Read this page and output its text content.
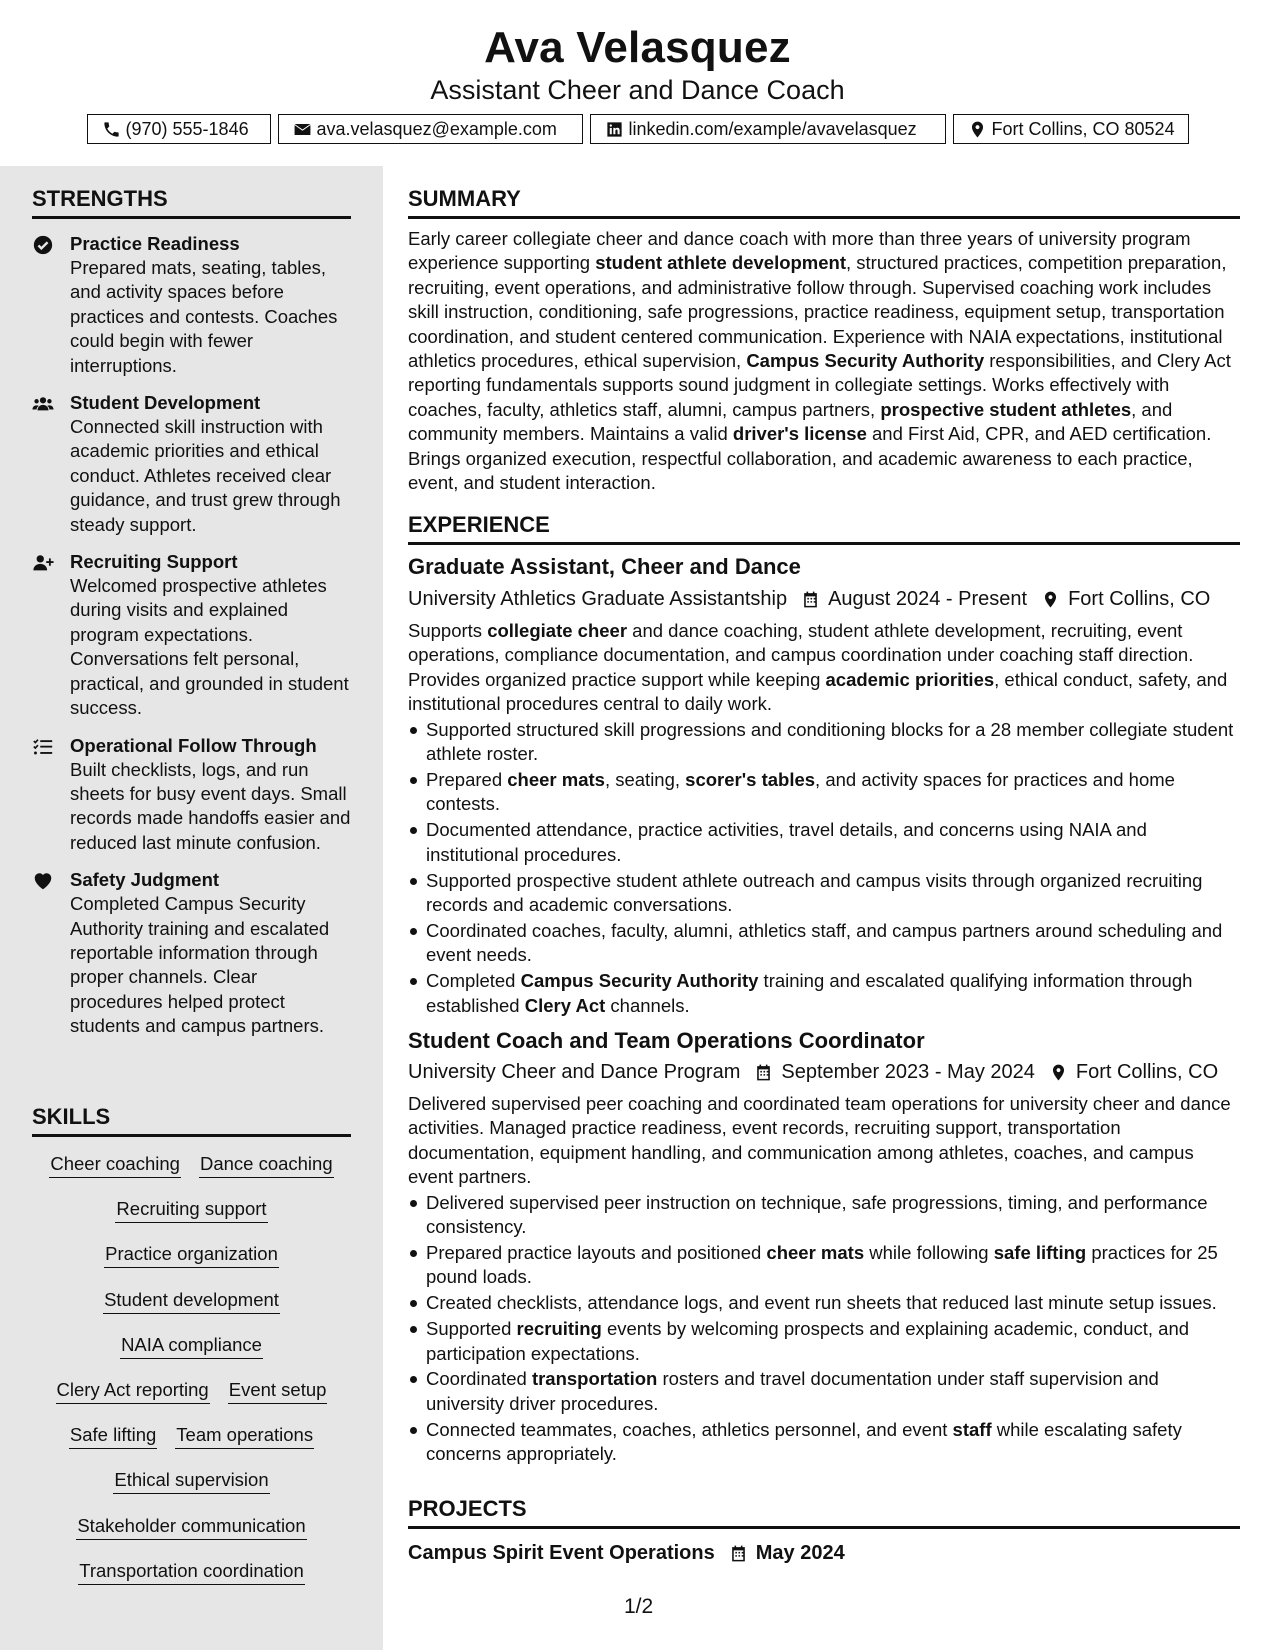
Ava Velasquez
Assistant Cheer and Dance Coach
(970) 555-1846	ava.velasquez@example.com	linkedin.com/example/avavelasquez	Fort Collins, CO 80524
STRENGTHS
Practice Readiness
Prepared mats, seating, tables, and activity spaces before practices and contests. Coaches could begin with fewer interruptions.
Student Development
Connected skill instruction with academic priorities and ethical conduct. Athletes received clear guidance, and trust grew through steady support.
Recruiting Support
Welcomed prospective athletes during visits and explained program expectations. Conversations felt personal, practical, and grounded in student success.
Operational Follow Through
Built checklists, logs, and run sheets for busy event days. Small records made handoffs easier and reduced last minute confusion.
Safety Judgment
Completed Campus Security Authority training and escalated reportable information through proper channels. Clear procedures helped protect students and campus partners.
SKILLS
Cheer coaching Dance coaching
Recruiting support
Practice organization
Student development
NAIA compliance
Clery Act reporting Event setup
Safe lifting Team operations
Ethical supervision
Stakeholder communication
Transportation coordination
SUMMARY
Early career collegiate cheer and dance coach with more than three years of university program experience supporting student athlete development, structured practices, competition preparation, recruiting, event operations, and administrative follow through. Supervised coaching work includes skill instruction, conditioning, safe progressions, practice readiness, equipment setup, transportation coordination, and student centered communication. Experience with NAIA expectations, institutional athletics procedures, ethical supervision, Campus Security Authority responsibilities, and Clery Act reporting fundamentals supports sound judgment in collegiate settings. Works effectively with coaches, faculty, athletics staff, alumni, campus partners, prospective student athletes, and community members. Maintains a valid driver's license and First Aid, CPR, and AED certification. Brings organized execution, respectful collaboration, and academic awareness to each practice, event, and student interaction.
EXPERIENCE
Graduate Assistant, Cheer and Dance
University Athletics Graduate Assistantship August 2024 - Present Fort Collins, CO
Supports collegiate cheer and dance coaching, student athlete development, recruiting, event operations, compliance documentation, and campus coordination under coaching staff direction. Provides organized practice support while keeping academic priorities, ethical conduct, safety, and institutional procedures central to daily work.
Supported structured skill progressions and conditioning blocks for a 28 member collegiate student athlete roster.
Prepared cheer mats, seating, scorer's tables, and activity spaces for practices and home contests.
Documented attendance, practice activities, travel details, and concerns using NAIA and institutional procedures.
Supported prospective student athlete outreach and campus visits through organized recruiting records and academic conversations.
Coordinated coaches, faculty, alumni, athletics staff, and campus partners around scheduling and event needs.
Completed Campus Security Authority training and escalated qualifying information through established Clery Act channels.
Student Coach and Team Operations Coordinator
University Cheer and Dance Program September 2023 - May 2024 Fort Collins, CO
Delivered supervised peer coaching and coordinated team operations for university cheer and dance activities. Managed practice readiness, event records, recruiting support, transportation documentation, equipment handling, and communication among athletes, coaches, and campus event partners.
Delivered supervised peer instruction on technique, safe progressions, timing, and performance consistency.
Prepared practice layouts and positioned cheer mats while following safe lifting practices for 25 pound loads.
Created checklists, attendance logs, and event run sheets that reduced last minute setup issues.
Supported recruiting events by welcoming prospects and explaining academic, conduct, and participation expectations.
Coordinated transportation rosters and travel documentation under staff supervision and university driver procedures.
Connected teammates, coaches, athletics personnel, and event staff while escalating safety concerns appropriately.
PROJECTS
Campus Spirit Event Operations May 2024
1/2
